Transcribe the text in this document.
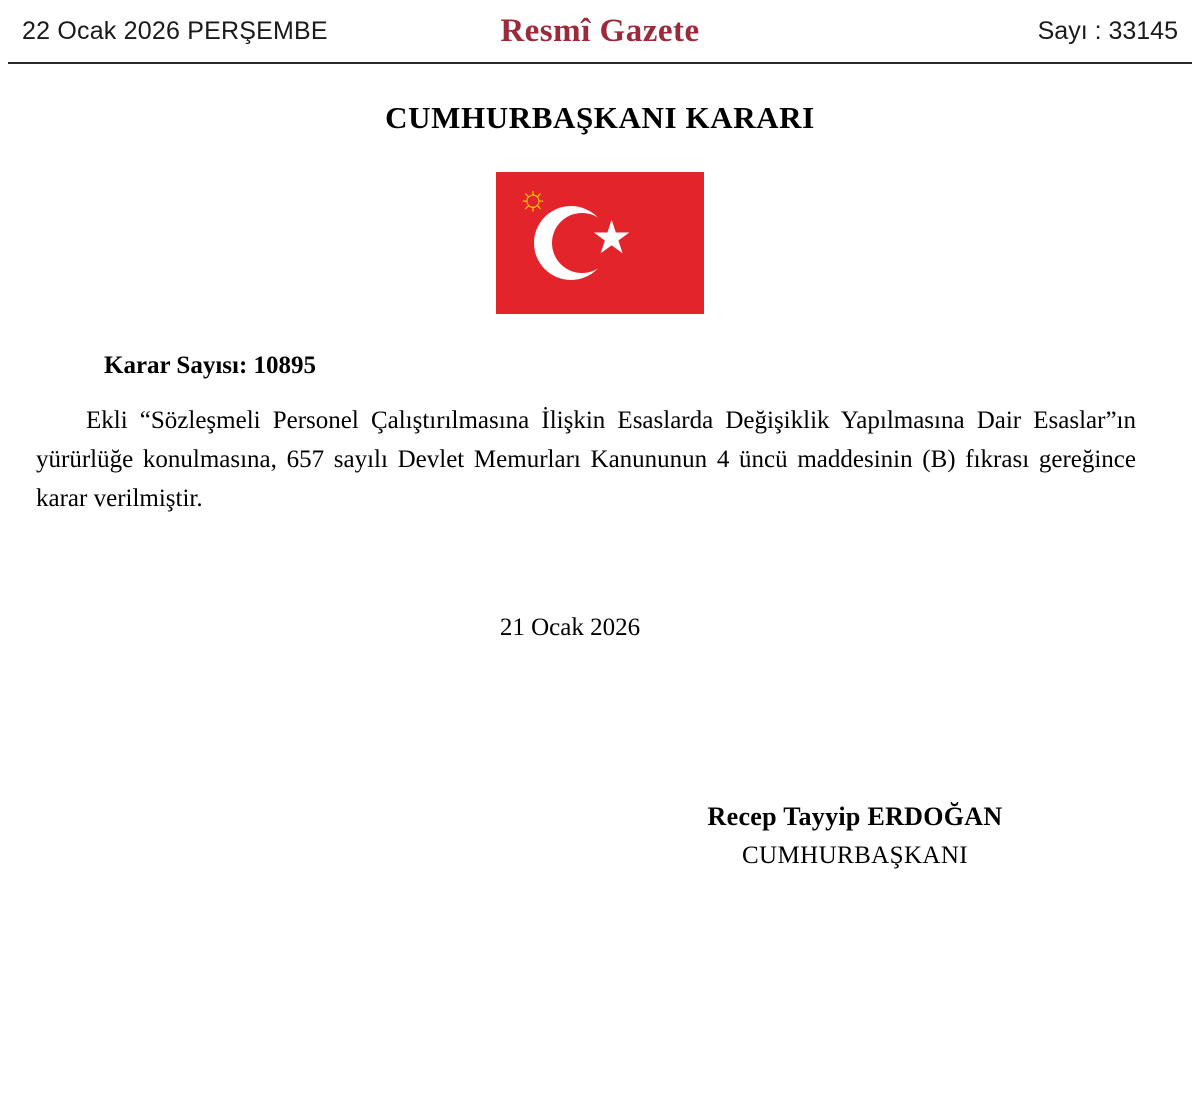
22 Ocak 2026 PERŞEMBE	Resmî Gazete	Sayı : 33145
CUMHURBAŞKANI KARARI
☼
Karar Sayısı: 10895

Ekli “Sözleşmeli Personel Çalıştırılmasına İlişkin Esaslarda Değişiklik Yapılmasına Dair Esaslar”ın yürürlüğe konulmasına, 657 sayılı Devlet Memurları Kanununun 4 üncü maddesinin (B) fıkrası gereğince karar verilmiştir.

21 Ocak 2026
Recep Tayyip ERDOĞAN
CUMHURBAŞKANI
